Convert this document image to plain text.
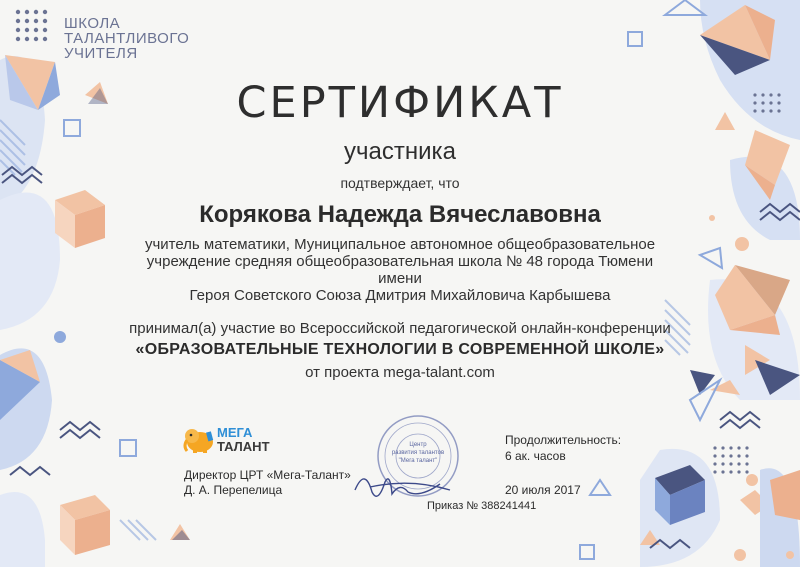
ШКОЛА
ТАЛАНТЛИВОГО
УЧИТЕЛЯ
СЕРТИФИКАТ
участника
подтверждает, что
Корякова Надежда Вячеславовна
учитель математики, Муниципальное автономное общеобразовательное
учреждение средняя общеобразовательная школа № 48 города Тюмени имени
Героя Советского Союза Дмитрия Михайловича Карбышева
принимал(а) участие во Всероссийской педагогической онлайн-конференции
«ОБРАЗОВАТЕЛЬНЫЕ ТЕХНОЛОГИИ В СОВРЕМЕННОЙ ШКОЛЕ»
от проекта mega-talant.com
МЕГА
ТАЛАНТ
Директор ЦРТ «Мега-Талант»
Д. А. Перепелица
Центр
развития талантов
"Мега талант"
Продолжительность:
6 ак. часов
20 июля 2017
Приказ № 388241441
